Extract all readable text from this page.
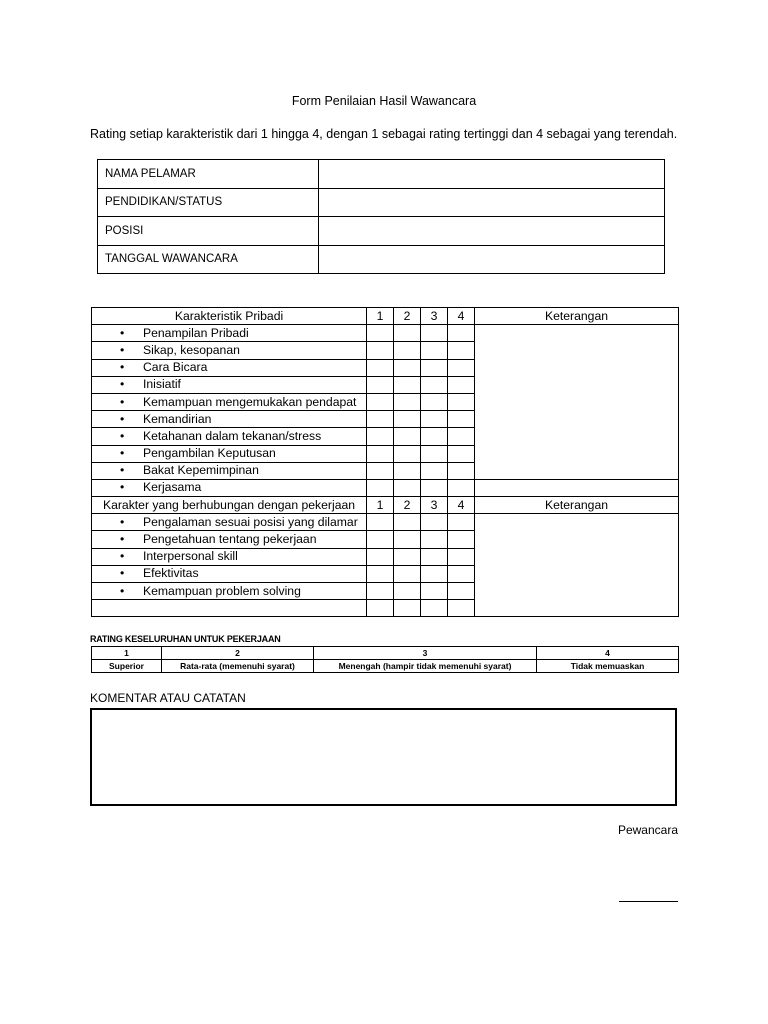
Form Penilaian Hasil Wawancara
Rating setiap karakteristik dari 1 hingga 4, dengan 1 sebagai rating tertinggi dan 4 sebagai yang terendah.
NAMA PELAMAR	
PENDIDIKAN/STATUS	
POSISI	
TANGGAL WAWANCARA	
Karakteristik Pribadi	1	2	3	4	Keterangan
• Penampilan Pribadi					
• Sikap, kesopanan				
• Cara Bicara				
• Inisiatif				
• Kemampuan mengemukakan pendapat				
• Kemandirian				
• Ketahanan dalam tekanan/stress				
• Pengambilan Keputusan				
• Bakat Kepemimpinan				
• Kerjasama					
Karakter yang berhubungan dengan pekerjaan	1	2	3	4	Keterangan
• Pengalaman sesuai posisi yang dilamar					
• Pengetahuan tentang pekerjaan				
• Interpersonal skill				
• Efektivitas				
• Kemampuan problem solving				

RATING KESELURUHAN UNTUK PEKERJAAN
1	2	3	4
Superior	Rata-rata (memenuhi syarat)	Menengah (hampir tidak memenuhi syarat)	Tidak memuaskan
KOMENTAR ATAU CATATAN
Pewancara
